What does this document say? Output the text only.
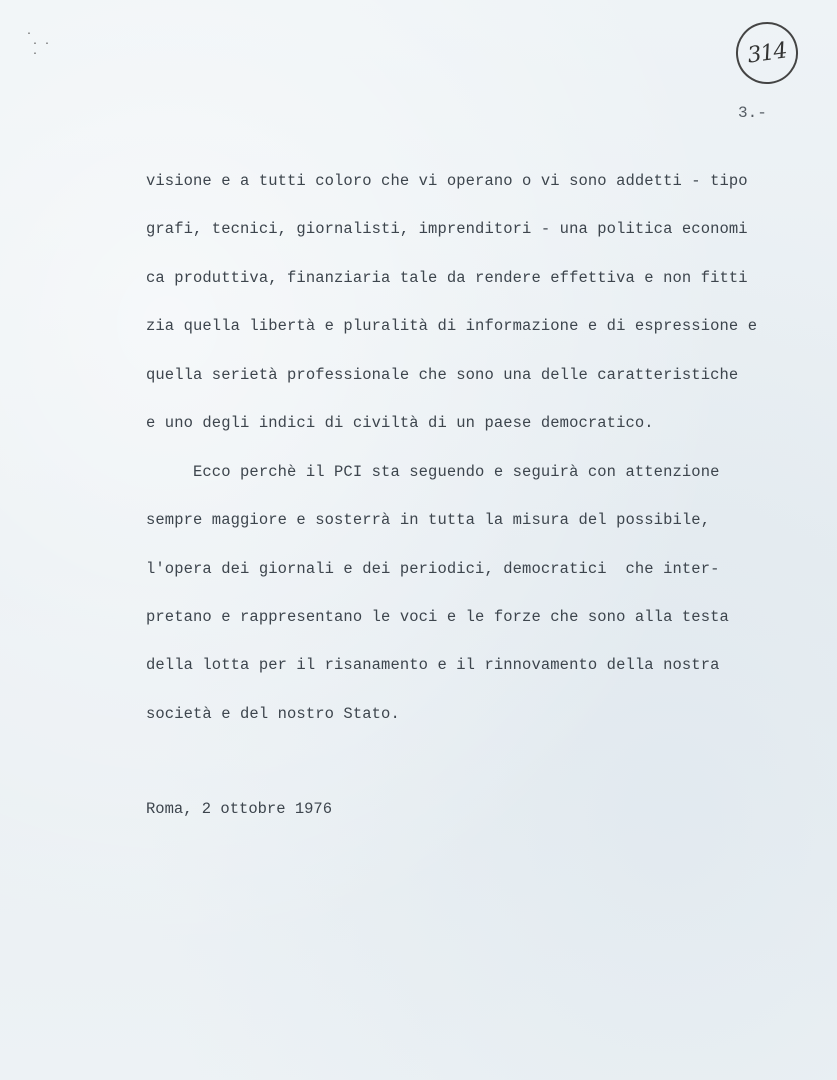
·
· ·
·	314
3.-
visione e a tutti coloro che vi operano o vi sono addetti - tipo
grafi, tecnici, giornalisti, imprenditori - una politica economi
ca produttiva, finanziaria tale da rendere effettiva e non fitti
zia quella libertà e pluralità di informazione e di espressione e
quella serietà professionale che sono una delle caratteristiche
e uno degli indici di civiltà di un paese democratico.
Ecco perchè il PCI sta seguendo e seguirà con attenzione
sempre maggiore e sosterrà in tutta la misura del possibile,
l'opera dei giornali e dei periodici, democratici  che inter-
pretano e rappresentano le voci e le forze che sono alla testa
della lotta per il risanamento e il rinnovamento della nostra
società e del nostro Stato.
Roma, 2 ottobre 1976
